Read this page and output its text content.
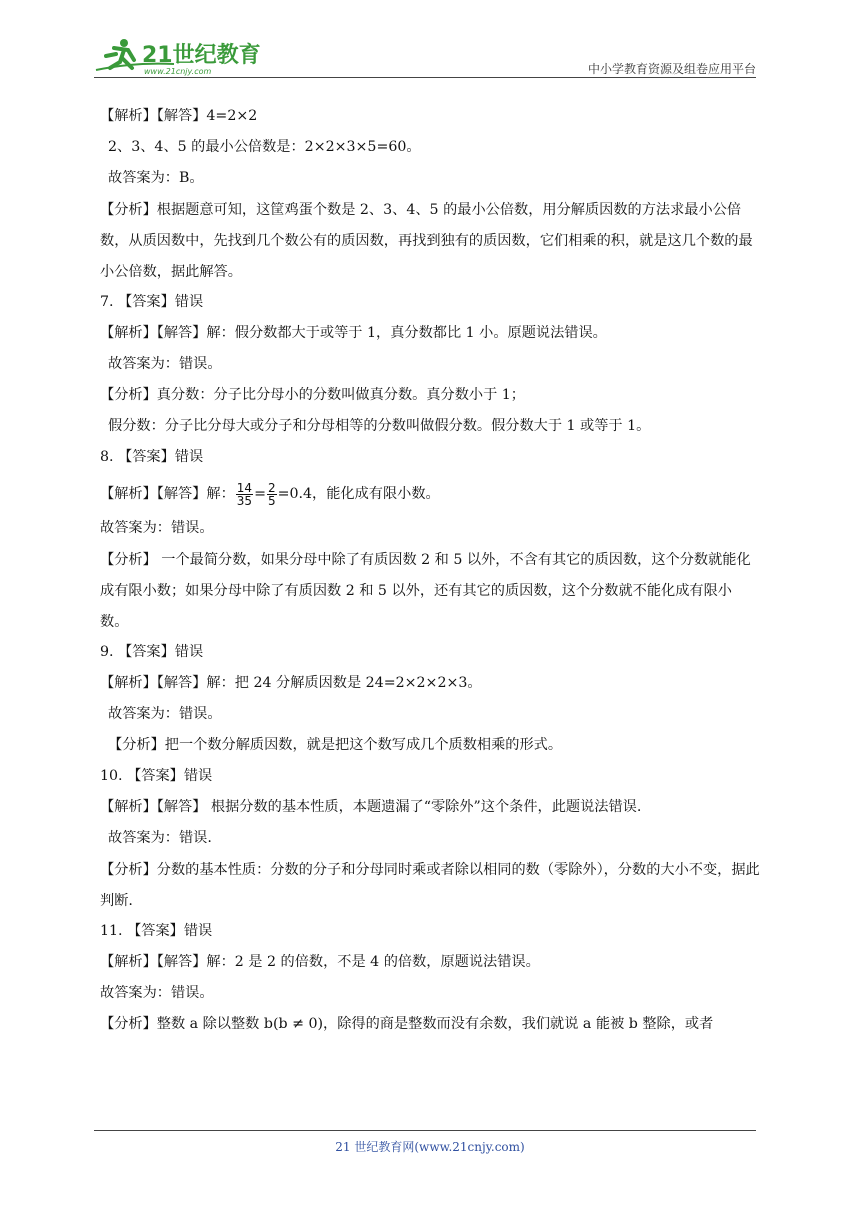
21世纪教育
www.21cnjy.com	中小学教育资源及组卷应用平台
【解析】【解答】4=2×2
2、3、4、5 的最小公倍数是：2×2×3×5=60。
故答案为：B。
【分析】根据题意可知，这筐鸡蛋个数是 2、3、4、5 的最小公倍数，用分解质因数的方法求最小公倍数，从质因数中，先找到几个数公有的质因数，再找到独有的质因数，它们相乘的积，就是这几个数的最小公倍数，据此解答。
7. 【答案】错误
【解析】【解答】解：假分数都大于或等于 1，真分数都比 1 小。原题说法错误。
故答案为：错误。
【分析】真分数：分子比分母小的分数叫做真分数。真分数小于 1；
假分数：分子比分母大或分子和分母相等的分数叫做假分数。假分数大于 1 或等于 1。
8. 【答案】错误
【解析】【解答】解： $\frac{14}{35} = \frac{2}{5} =0.4$，能化成有限小数。
故答案为：错误。
【分析】 一个最简分数，如果分母中除了有质因数 2 和 5 以外，不含有其它的质因数，这个分数就能化成有限小数；如果分母中除了有质因数 2 和 5 以外，还有其它的质因数，这个分数就不能化成有限小数。
9. 【答案】错误
【解析】【解答】解：把 24 分解质因数是 24=2×2×2×3。
故答案为：错误。
【分析】把一个数分解质因数，就是把这个数写成几个质数相乘的形式。
10. 【答案】错误
【解析】【解答】 根据分数的基本性质，本题遗漏了“零除外”这个条件，此题说法错误.
故答案为：错误.
【分析】分数的基本性质：分数的分子和分母同时乘或者除以相同的数（零除外），分数的大小不变，据此判断.
11. 【答案】错误
【解析】【解答】解：2 是 2 的倍数，不是 4 的倍数，原题说法错误。
故答案为：错误。
【分析】整数 a 除以整数 b(b ≠ 0)，除得的商是整数而没有余数，我们就说 a 能被 b 整除，或者
21 世纪教育网(www.21cnjy.com)
